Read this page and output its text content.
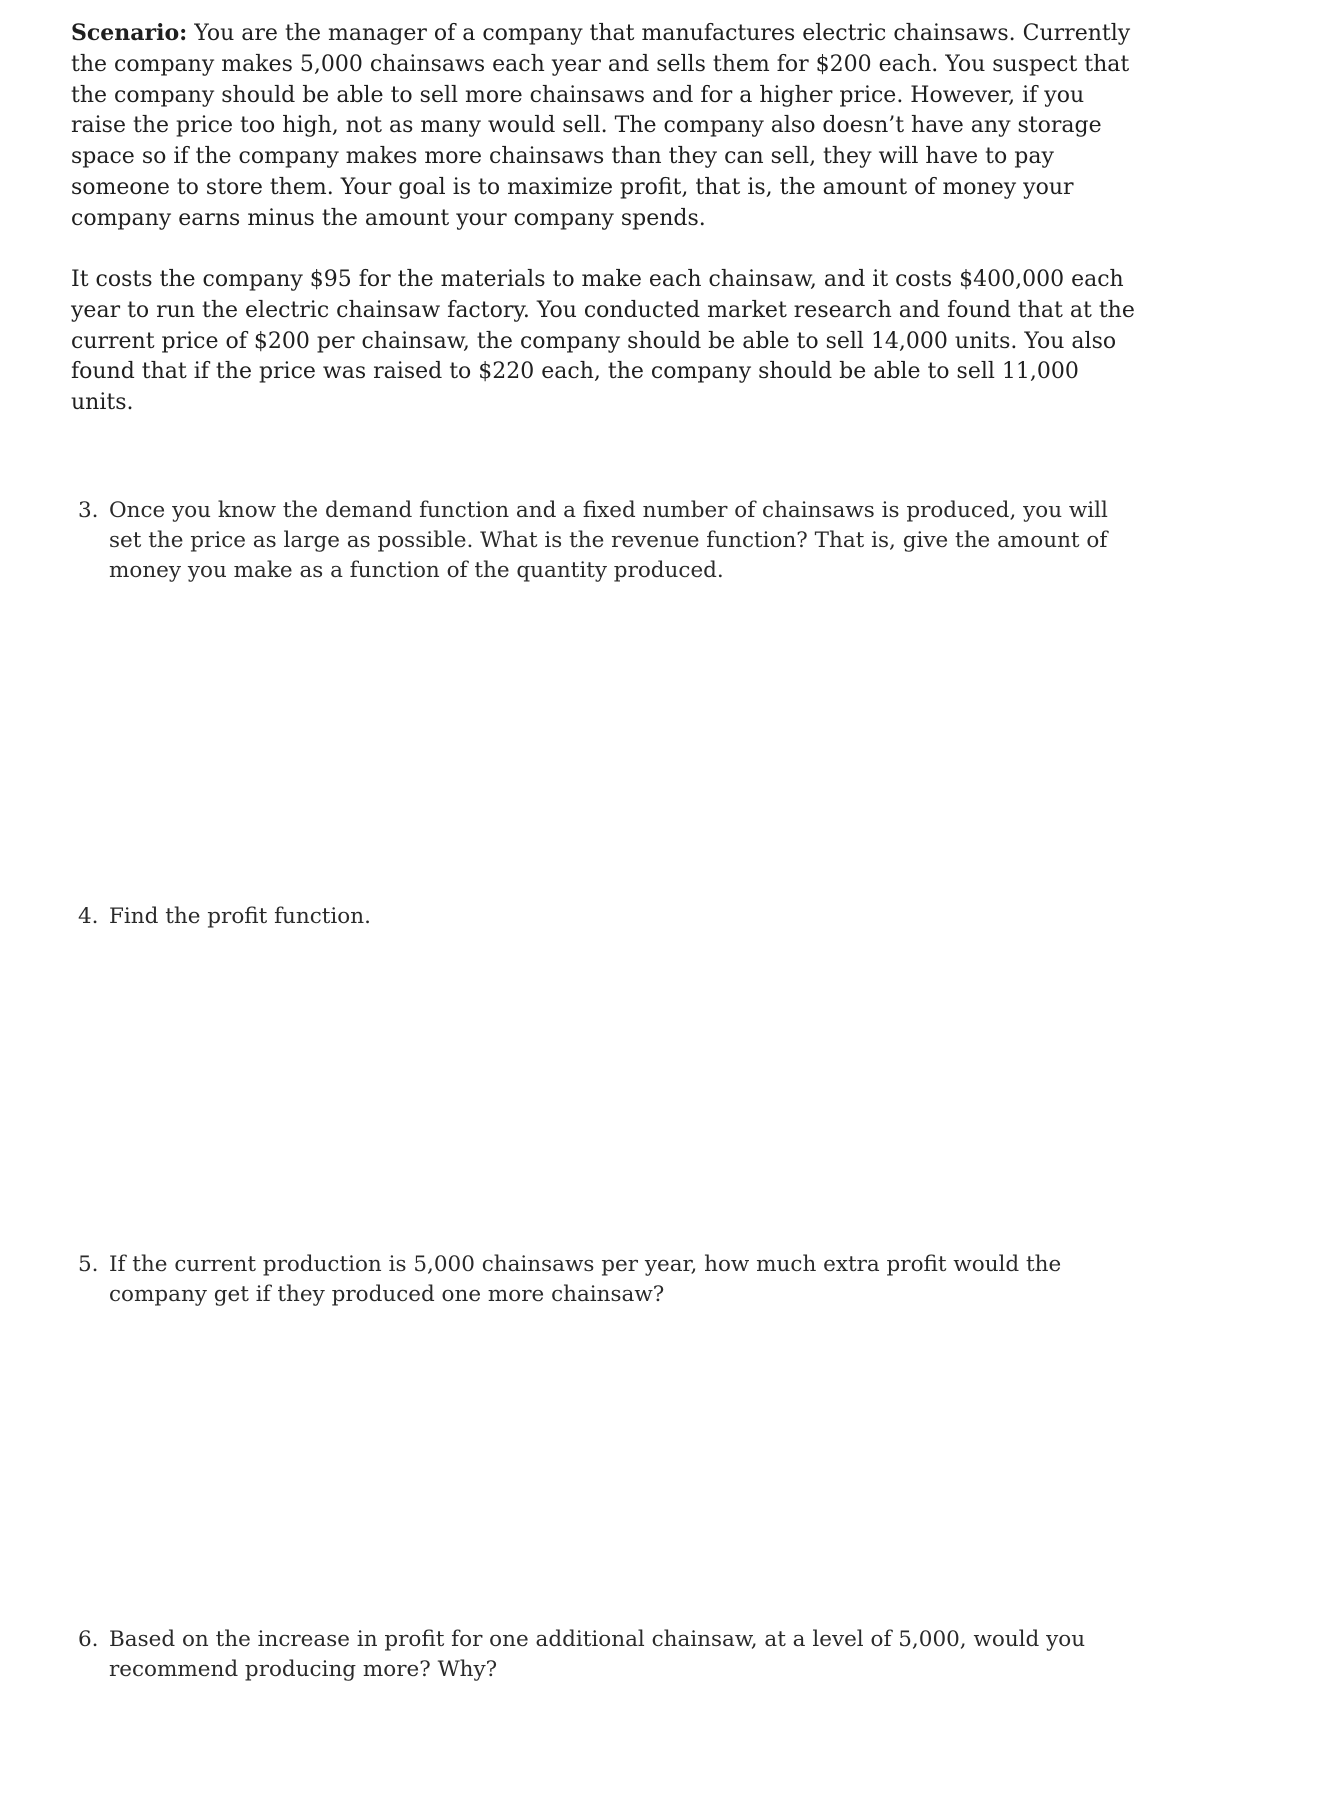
Scenario: You are the manager of a company that manufactures electric chainsaws. Currently the company makes 5,000 chainsaws each year and sells them for $200 each. You suspect that the company should be able to sell more chainsaws and for a higher price. However, if you raise the price too high, not as many would sell. The company also doesn’t have any storage space so if the company makes more chainsaws than they can sell, they will have to pay someone to store them. Your goal is to maximize profit, that is, the amount of money your company earns minus the amount your company spends.

It costs the company $95 for the materials to make each chainsaw, and it costs $400,000 each year to run the electric chainsaw factory. You conducted market research and found that at the current price of $200 per chainsaw, the company should be able to sell 14,000 units. You also found that if the price was raised to $220 each, the company should be able to sell 11,000 units.

3. Once you know the demand function and a fixed number of chainsaws is produced, you will set the price as large as possible. What is the revenue function? That is, give the amount of money you make as a function of the quantity produced.
4. Find the profit function.
5. If the current production is 5,000 chainsaws per year, how much extra profit would the company get if they produced one more chainsaw?
6. Based on the increase in profit for one additional chainsaw, at a level of 5,000, would you recommend producing more? Why?
